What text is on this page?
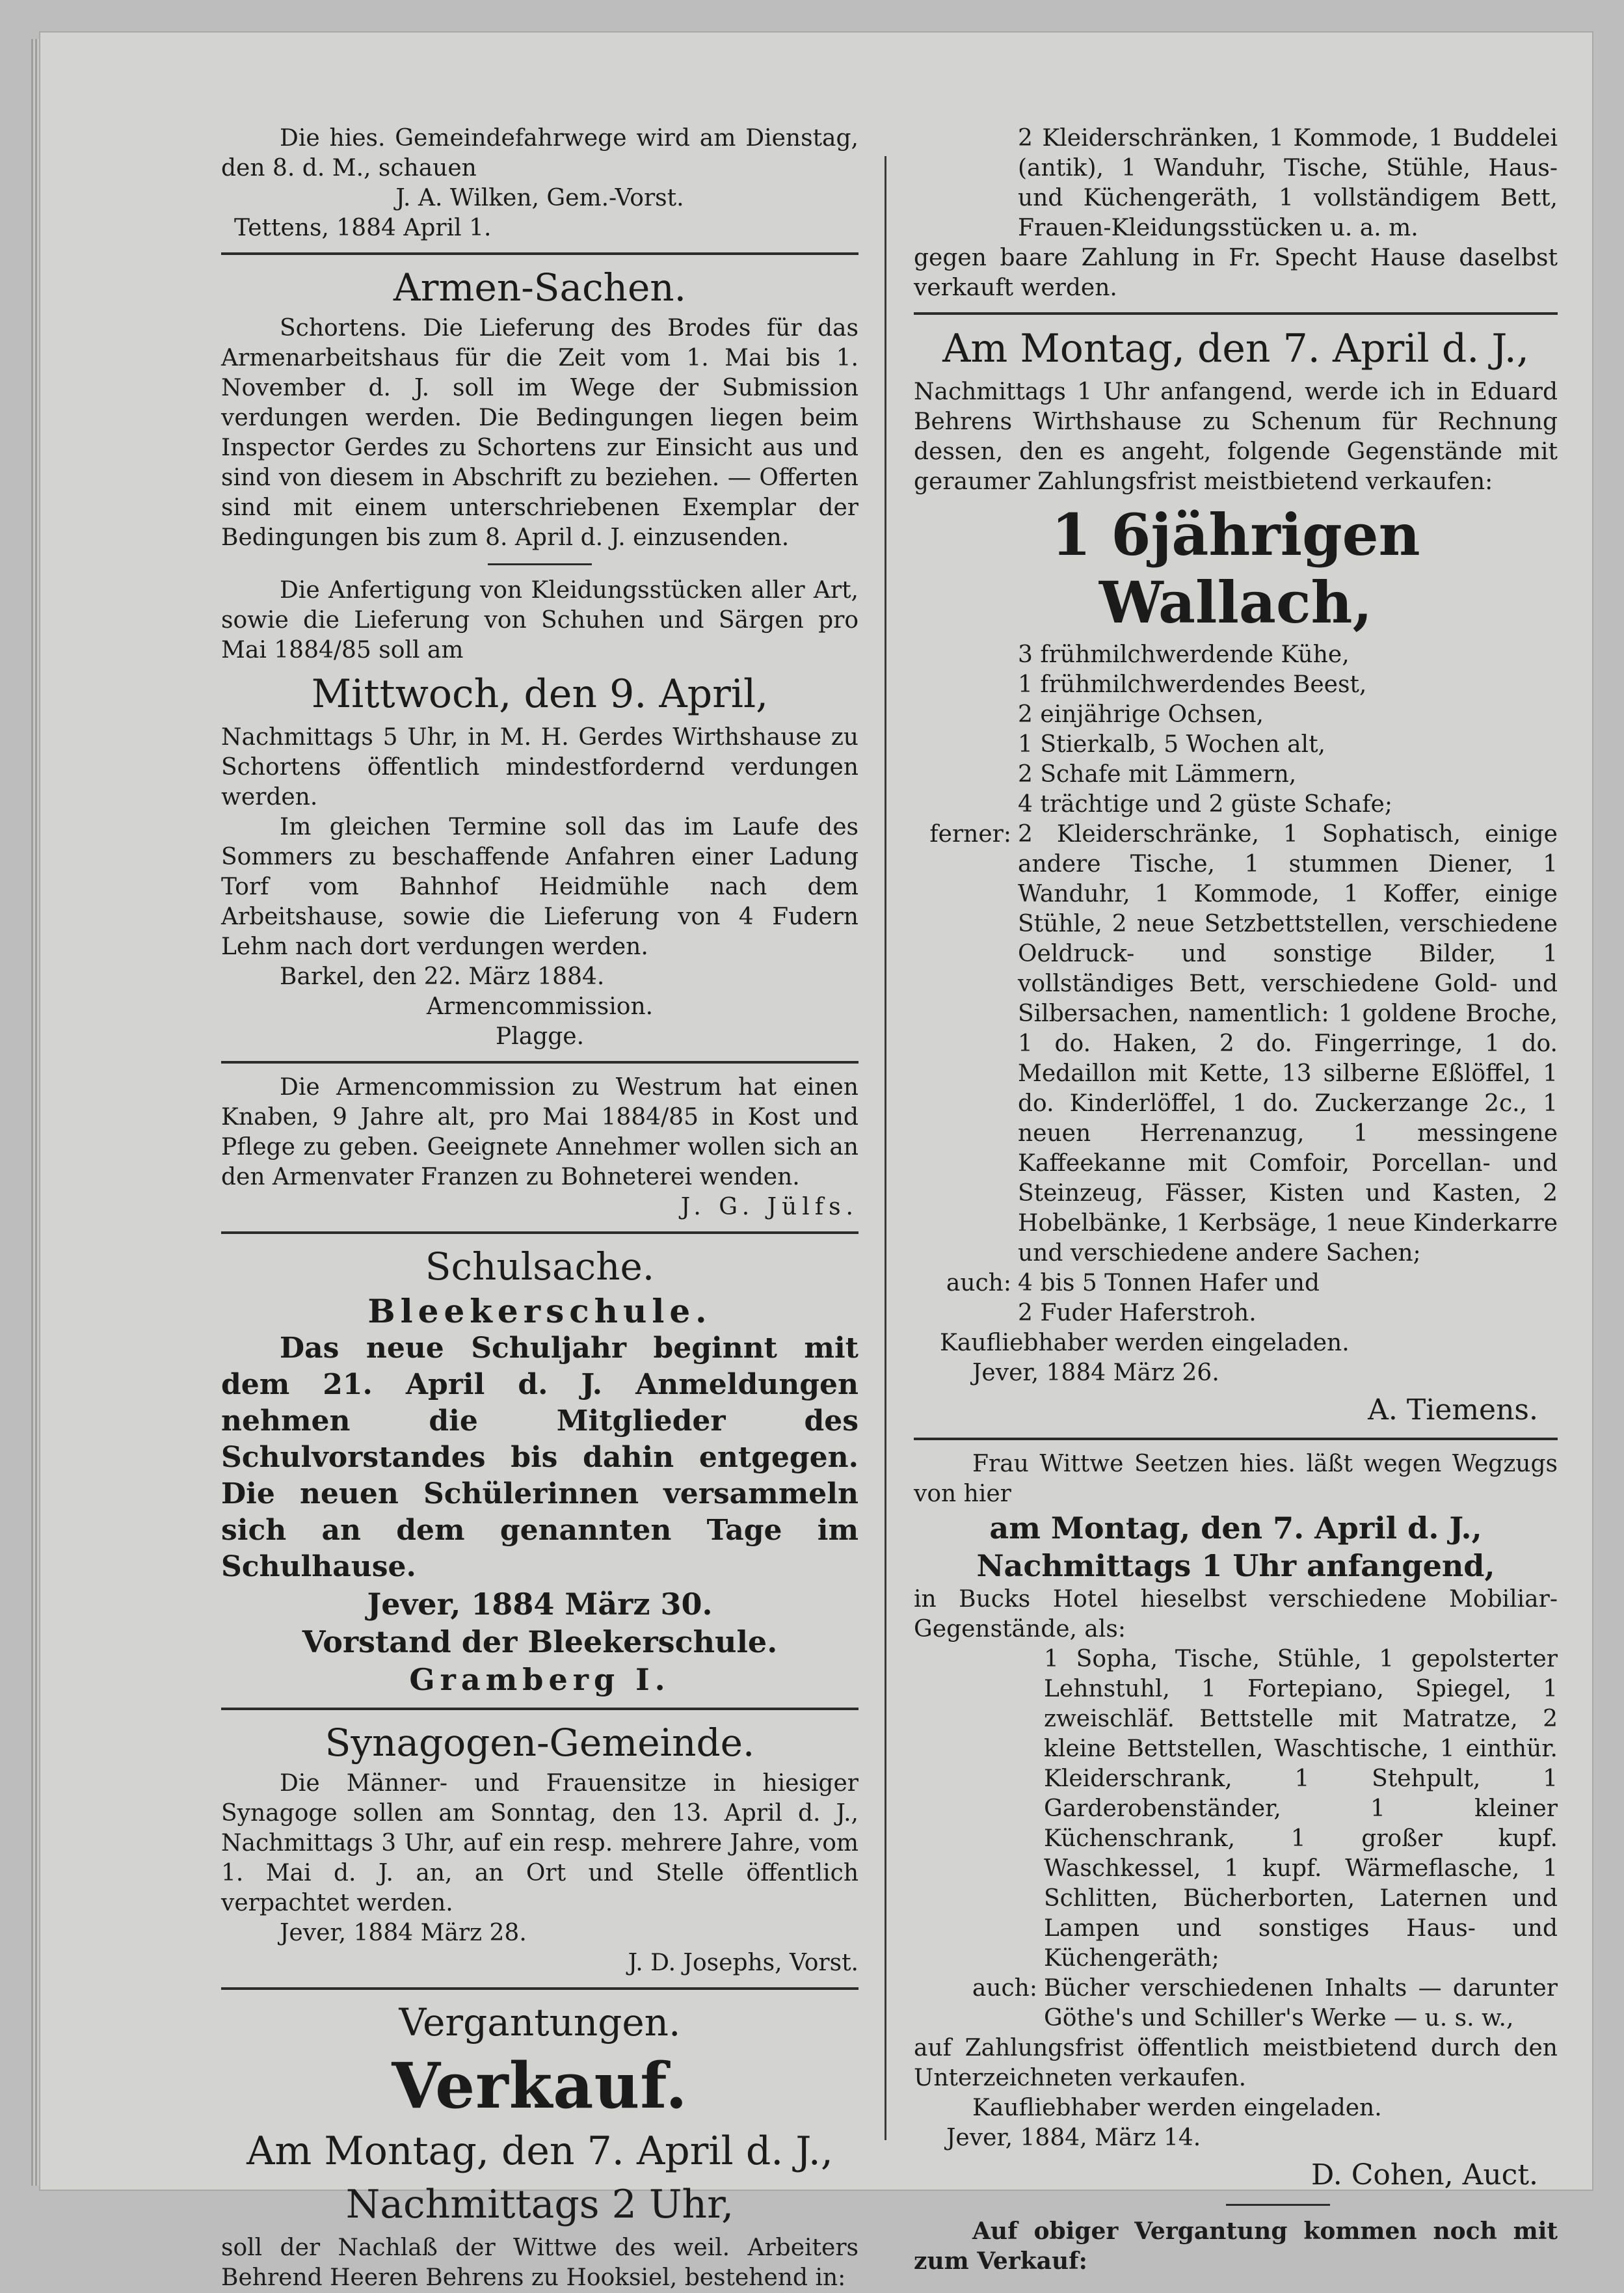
Die hies. Gemeindefahrwege wird am Dienstag, den 8. d. M., schauen

J. A. Wilken, Gem.-Vorst.

Tettens, 1884 April 1.

Armen-Sachen.

Schortens. Die Lieferung des Brodes für das Armenarbeitshaus für die Zeit vom 1. Mai bis 1. November d. J. soll im Wege der Submission verdungen werden. Die Bedingungen liegen beim Inspector Gerdes zu Schortens zur Einsicht aus und sind von diesem in Abschrift zu beziehen. — Offerten sind mit einem unterschriebenen Exemplar der Bedingungen bis zum 8. April d. J. einzusenden.

Die Anfertigung von Kleidungsstücken aller Art, sowie die Lieferung von Schuhen und Särgen pro Mai 1884/85 soll am

Mittwoch, den 9. April,

Nachmittags 5 Uhr, in M. H. Gerdes Wirthshause zu Schortens öffentlich mindestfordernd verdungen werden.

Im gleichen Termine soll das im Laufe des Sommers zu beschaffende Anfahren einer Ladung Torf vom Bahnhof Heidmühle nach dem Arbeitshause, sowie die Lieferung von 4 Fudern Lehm nach dort verdungen werden.

Barkel, den 22. März 1884.

Armencommission.

Plagge.

Die Armencommission zu Westrum hat einen Knaben, 9 Jahre alt, pro Mai 1884/85 in Kost und Pflege zu geben. Geeignete Annehmer wollen sich an den Armenvater Franzen zu Bohneterei wenden.

J. G. Jülfs.

Schulsache.

Bleekerschule.

Das neue Schuljahr beginnt mit dem 21. April d. J. Anmeldungen nehmen die Mitglieder des Schulvorstandes bis dahin entgegen. Die neuen Schülerinnen versammeln sich an dem genannten Tage im Schulhause.

Jever, 1884 März 30.

Vorstand der Bleekerschule.

Gramberg I.

Synagogen-Gemeinde.

Die Männer- und Frauensitze in hiesiger Synagoge sollen am Sonntag, den 13. April d. J., Nachmittags 3 Uhr, auf ein resp. mehrere Jahre, vom 1. Mai d. J. an, an Ort und Stelle öffentlich verpachtet werden.

Jever, 1884 März 28.

J. D. Josephs, Vorst.

Vergantungen.

Verkauf.

Am Montag, den 7. April d. J.,

Nachmittags 2 Uhr,

soll der Nachlaß der Wittwe des weil. Arbeiters Behrend Heeren Behrens zu Hooksiel, bestehend in:

2 Kleiderschränken, 1 Kommode, 1 Buddelei (antik), 1 Wanduhr, Tische, Stühle, Haus- und Küchengeräth, 1 vollständigem Bett, Frauen-Kleidungsstücken u. a. m.

gegen baare Zahlung in Fr. Specht Hause daselbst verkauft werden.

Am Montag, den 7. April d. J.,

Nachmittags 1 Uhr anfangend, werde ich in Eduard Behrens Wirthshause zu Schenum für Rechnung dessen, den es angeht, folgende Gegenstände mit geraumer Zahlungsfrist meistbietend verkaufen:

1 6jährigen Wallach,

3 frühmilchwerdende Kühe,
1 frühmilchwerdendes Beest,
2 einjährige Ochsen,
1 Stierkalb, 5 Wochen alt,
2 Schafe mit Lämmern,
4 trächtige und 2 güste Schafe;
ferner: 2 Kleiderschränke, 1 Sophatisch, einige andere Tische, 1 stummen Diener, 1 Wanduhr, 1 Kommode, 1 Koffer, einige Stühle, 2 neue Setzbettstellen, verschiedene Oeldruck- und sonstige Bilder, 1 vollständiges Bett, verschiedene Gold- und Silbersachen, namentlich: 1 goldene Broche, 1 do. Haken, 2 do. Fingerringe, 1 do. Medaillon mit Kette, 13 silberne Eßlöffel, 1 do. Kinderlöffel, 1 do. Zuckerzange 2c., 1 neuen Herrenanzug, 1 messingene Kaffeekanne mit Comfoir, Porcellan- und Steinzeug, Fässer, Kisten und Kasten, 2 Hobelbänke, 1 Kerbsäge, 1 neue Kinderkarre und verschiedene andere Sachen;
auch: 4 bis 5 Tonnen Hafer und
2 Fuder Haferstroh.

Kaufliebhaber werden eingeladen.

Jever, 1884 März 26.

A. Tiemens.

Frau Wittwe Seetzen hies. läßt wegen Wegzugs von hier

am Montag, den 7. April d. J.,

Nachmittags 1 Uhr anfangend,

in Bucks Hotel hieselbst verschiedene Mobiliar-Gegenstände, als:

1 Sopha, Tische, Stühle, 1 gepolsterter Lehnstuhl, 1 Fortepiano, Spiegel, 1 zweischläf. Bettstelle mit Matratze, 2 kleine Bettstellen, Waschtische, 1 einthür. Kleiderschrank, 1 Stehpult, 1 Garderobenständer, 1 kleiner Küchenschrank, 1 großer kupf. Waschkessel, 1 kupf. Wärmeflasche, 1 Schlitten, Bücherborten, Laternen und Lampen und sonstiges Haus- und Küchengeräth;

auch: Bücher verschiedenen Inhalts — darunter Göthe's und Schiller's Werke — u. s. w.,

auf Zahlungsfrist öffentlich meistbietend durch den Unterzeichneten verkaufen.

Kaufliebhaber werden eingeladen.

Jever, 1884, März 14.

D. Cohen, Auct.

Auf obiger Vergantung kommen noch mit zum Verkauf:
